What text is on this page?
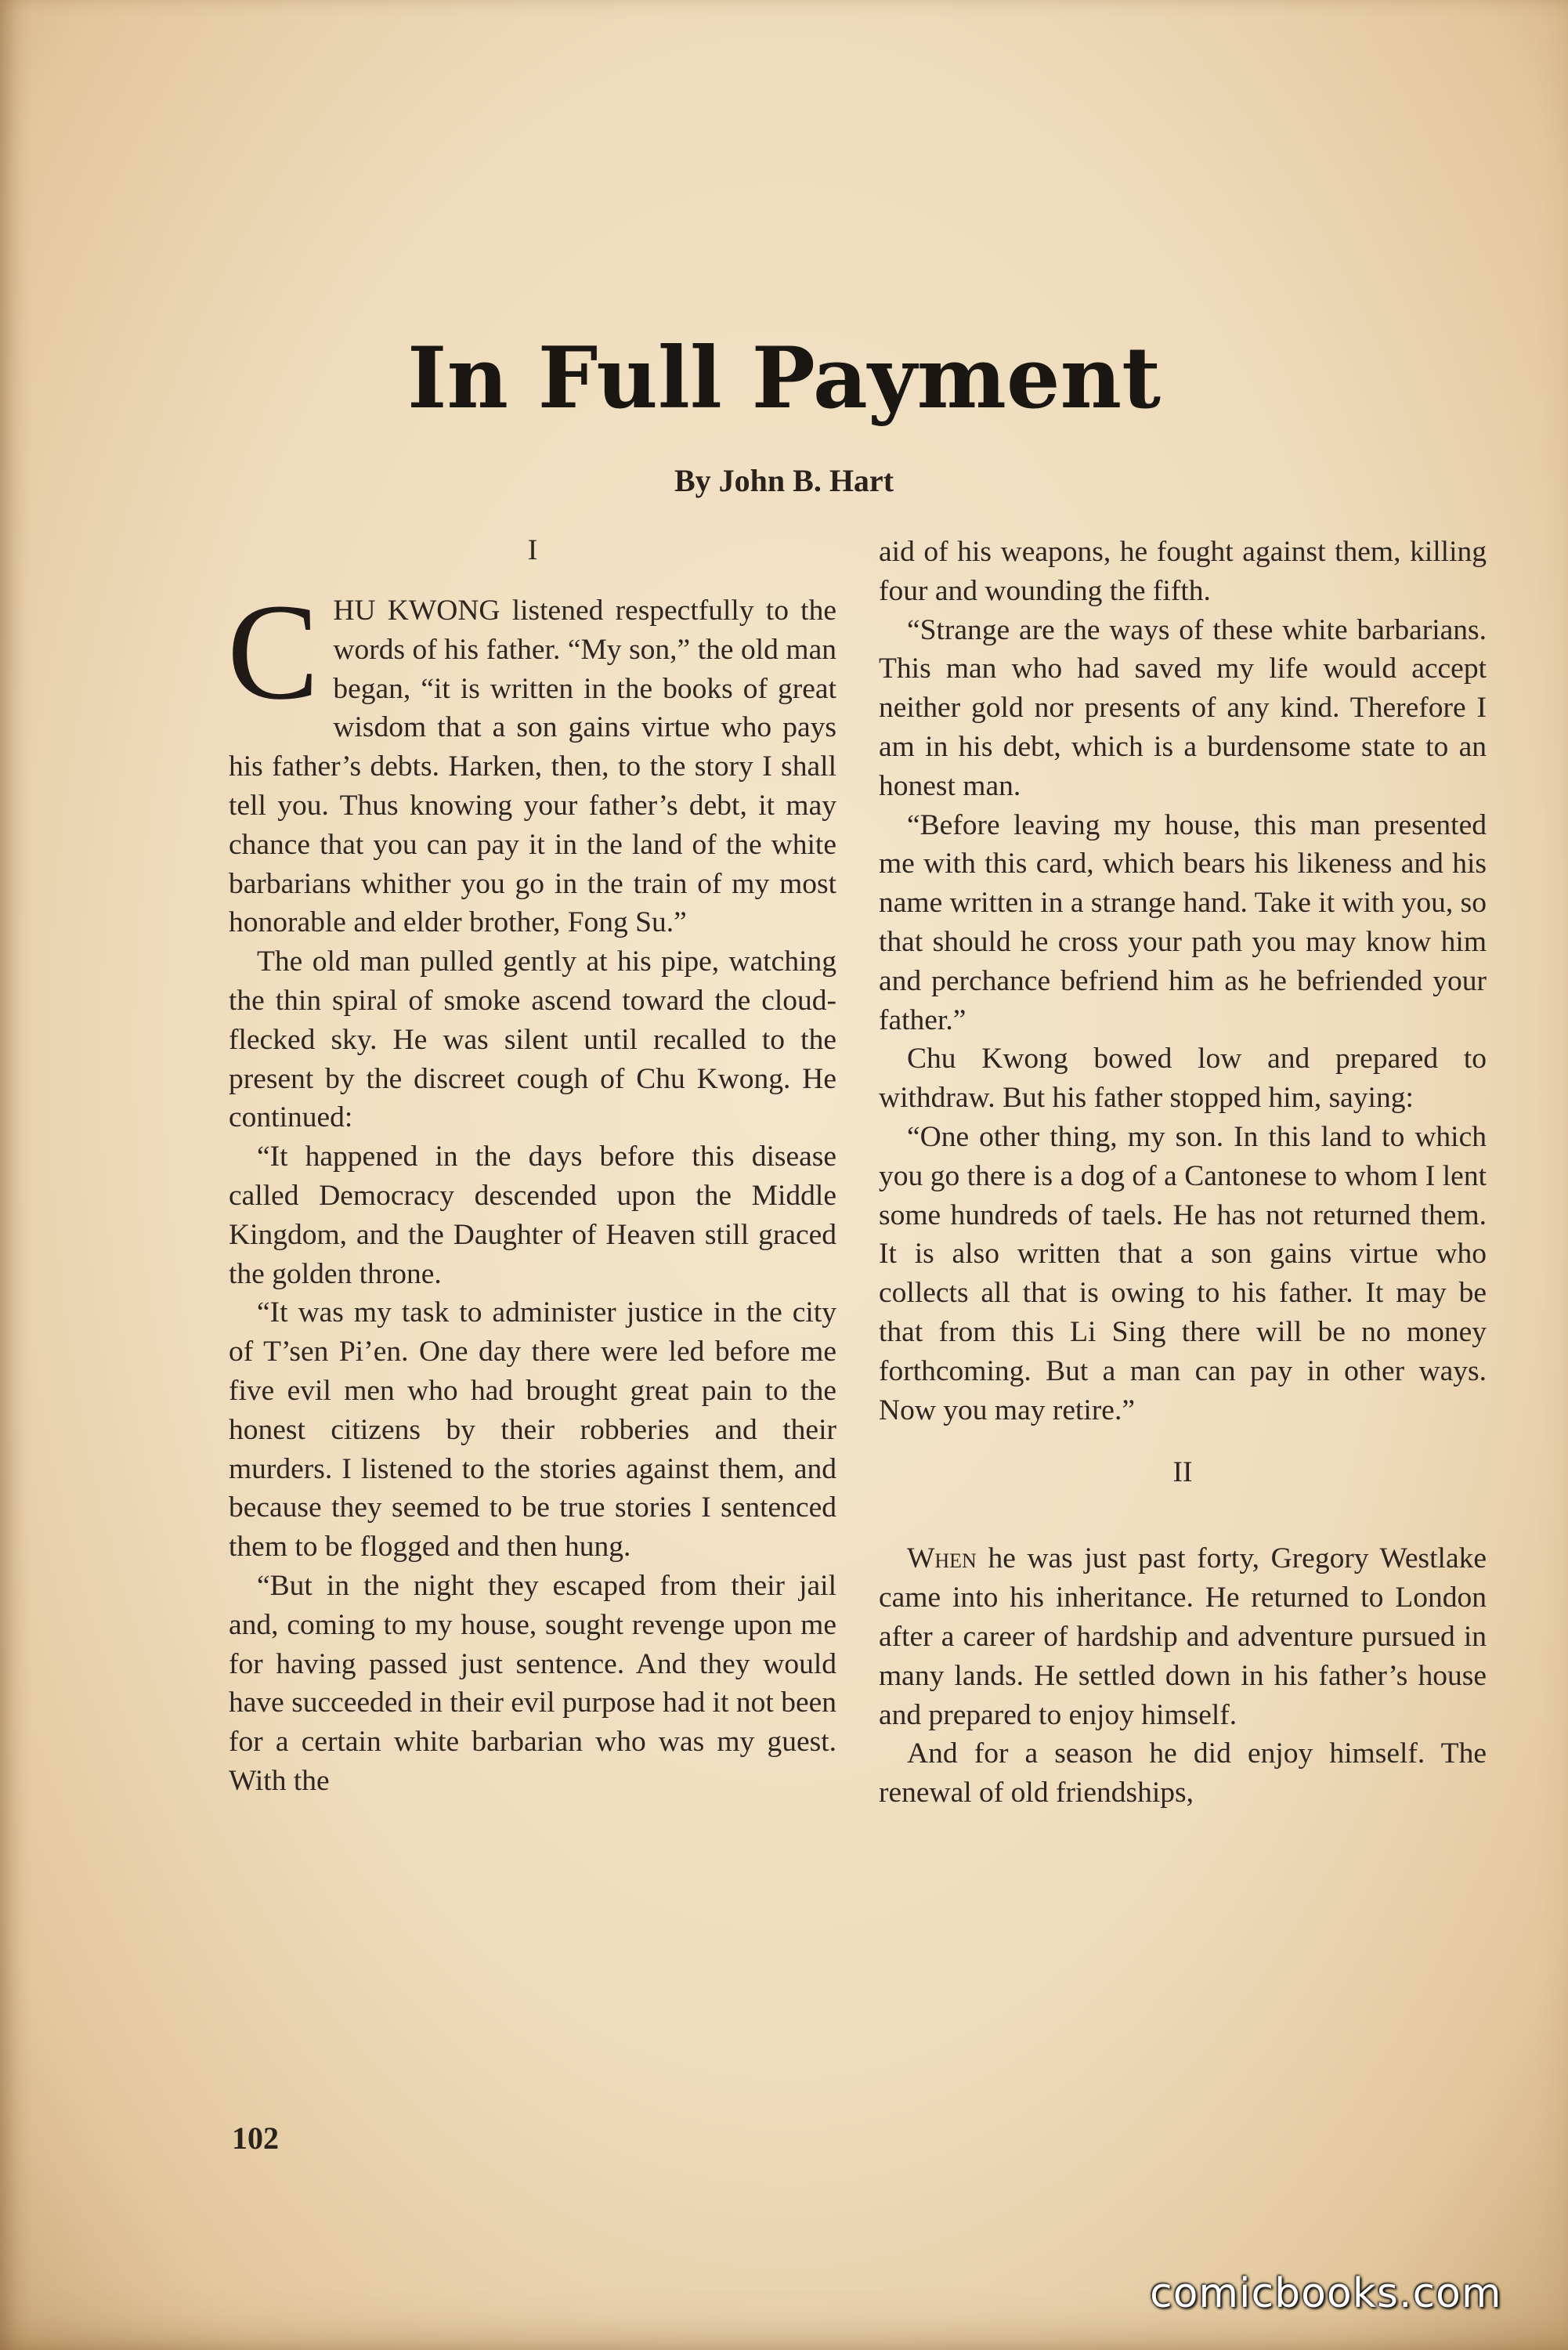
In Full Payment
By John B. Hart
I
C HU KWONG listened respectfully to the words of his father. “My son,” the old man began, “it is written in the books of great wisdom that a son gains virtue who pays his father’s debts. Harken, then, to the story I shall tell you. Thus knowing your father’s debt, it may chance that you can pay it in the land of the white barbarians whither you go in the train of my most honorable and elder brother, Fong Su.”

The old man pulled gently at his pipe, watching the thin spiral of smoke ascend toward the cloud-flecked sky. He was silent until recalled to the present by the discreet cough of Chu Kwong. He continued:

“It happened in the days before this disease called Democracy descended upon the Middle Kingdom, and the Daughter of Heaven still graced the golden throne.

“It was my task to administer justice in the city of T’sen Pi’en. One day there were led before me five evil men who had brought great pain to the honest citizens by their robberies and their murders. I listened to the stories against them, and because they seemed to be true stories I sentenced them to be flogged and then hung.

“But in the night they escaped from their jail and, coming to my house, sought revenge upon me for having passed just sentence. And they would have succeeded in their evil purpose had it not been for a certain white barbarian who was my guest. With the

aid of his weapons, he fought against them, killing four and wounding the fifth.

“Strange are the ways of these white barbarians. This man who had saved my life would accept neither gold nor presents of any kind. Therefore I am in his debt, which is a burdensome state to an honest man.

“Before leaving my house, this man presented me with this card, which bears his likeness and his name written in a strange hand. Take it with you, so that should he cross your path you may know him and perchance befriend him as he befriended your father.”

Chu Kwong bowed low and prepared to withdraw. But his father stopped him, saying:

“One other thing, my son. In this land to which you go there is a dog of a Cantonese to whom I lent some hundreds of taels. He has not returned them. It is also written that a son gains virtue who collects all that is owing to his father. It may be that from this Li Sing there will be no money forthcoming. But a man can pay in other ways. Now you may retire.”

II

When he was just past forty, Gregory Westlake came into his inheritance. He returned to London after a career of hardship and adventure pursued in many lands. He settled down in his father’s house and prepared to enjoy himself.

And for a season he did enjoy himself. The renewal of old friendships,

102
comicbooks.com
